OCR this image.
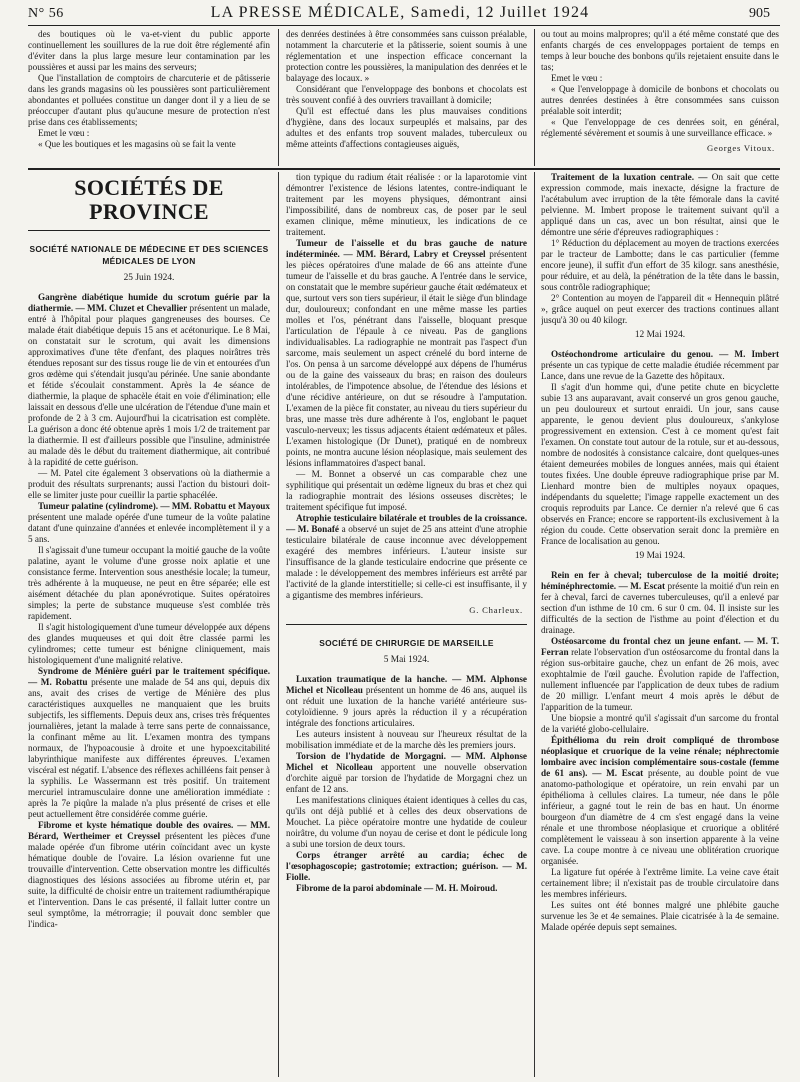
N° 56	LA PRESSE MÉDICALE, Samedi, 12 Juillet 1924	905

des boutiques où le va-et-vient du public apporte continuellement les souillures de la rue doit être réglementé afin d'éviter dans la plus large mesure leur contamination par les poussières et aussi par les mains des serveurs;

Que l'installation de comptoirs de charcuterie et de pâtisserie dans les grands magasins où les poussières sont particulièrement abondantes et polluées constitue un danger dont il y a lieu de se préoccuper d'autant plus qu'aucune mesure de protection n'est prise dans ces établissements;

Emet le vœu :

« Que les boutiques et les magasins où se fait la vente

des denrées destinées à être consommées sans cuisson préalable, notamment la charcuterie et la pâtisserie, soient soumis à une réglementation et une inspection efficace concernant la protection contre les poussières, la manipulation des denrées et le balayage des locaux. »

Considérant que l'enveloppage des bonbons et chocolats est très souvent confié à des ouvriers travaillant à domicile;

Qu'il est effectué dans les plus mauvaises conditions d'hygiène, dans des locaux surpeuplés et malsains, par des adultes et des enfants trop souvent malades, tuberculeux ou même atteints d'affections contagieuses aiguës,

ou tout au moins malpropres; qu'il a été même constaté que des enfants chargés de ces enveloppages portaient de temps en temps à leur bouche des bonbons qu'ils rejetaient ensuite dans le tas;

Emet le vœu :

« Que l'enveloppage à domicile de bonbons et chocolats ou autres denrées destinées à être consommées sans cuisson préalable soit interdit;

« Que l'enveloppage de ces denrées soit, en général, réglementé sévèrement et soumis à une surveillance efficace. »

Georges Vitoux.
SOCIÉTÉS DE PROVINCE
SOCIÉTÉ NATIONALE DE MÉDECINE ET DES SCIENCES MÉDICALES DE LYON
25 Juin 1924.

Gangrène diabétique humide du scrotum guérie par la diathermie. — MM. Cluzet et Chevallier présentent un malade, entré à l'hôpital pour plaques gangreneuses des bourses. Ce malade était diabétique depuis 15 ans et acétonurique. Le 8 Mai, on constatait sur le scrotum, qui avait les dimensions approximatives d'une tête d'enfant, des plaques noirâtres très étendues reposant sur des tissus rouge lie de vin et entourées d'un gros œdème qui s'étendait jusqu'au périnée. Une sanie abondante et fétide s'écoulait constamment. Après la 4e séance de diathermie, la plaque de sphacèle était en voie d'élimination; elle laissait en dessous d'elle une ulcération de l'étendue d'une main et profonde de 2 à 3 cm. Aujourd'hui la cicatrisation est complète. La guérison a donc été obtenue après 1 mois 1/2 de traitement par la diathermie. Il est d'ailleurs possible que l'insuline, administrée au malade dès le début du traitement diathermique, ait contribué à la rapidité de cette guérison.

— M. Patel cite également 3 observations où la diathermie a produit des résultats surprenants; aussi l'action du bistouri doit-elle se limiter juste pour cueillir la partie sphacélée.

Tumeur palatine (cylindrome). — MM. Robattu et Mayoux présentent une malade opérée d'une tumeur de la voûte palatine datant d'une quinzaine d'années et enlevée incomplètement il y a 5 ans.

Il s'agissait d'une tumeur occupant la moitié gauche de la voûte palatine, ayant le volume d'une grosse noix aplatie et une consistance ferme. Intervention sous anesthésie locale; la tumeur, très adhérente à la muqueuse, ne peut en être séparée; elle est aisément détachée du plan aponévrotique. Suites opératoires simples; la perte de substance muqueuse s'est comblée très rapidement.

Il s'agit histologiquement d'une tumeur développée aux dépens des glandes muqueuses et qui doit être classée parmi les cylindromes; cette tumeur est bénigne cliniquement, mais histologiquement d'une malignité relative.

Syndrome de Ménière guéri par le traitement spécifique. — M. Robattu présente une malade de 54 ans qui, depuis dix ans, avait des crises de vertige de Ménière des plus caractéristiques auxquelles ne manquaient que les bruits subjectifs, les sifflements. Depuis deux ans, crises très fréquentes journalières, jetant la malade à terre sans perte de connaissance, la confinant même au lit. L'examen montra des tympans normaux, de l'hypoacousie à droite et une hypoexcitabilité labyrinthique manifeste aux différentes épreuves. L'examen viscéral est négatif. L'absence des réflexes achilléens fait penser à la syphilis. Le Wassermann est très positif. Un traitement mercuriel intramusculaire donne une amélioration immédiate : après la 7e piqûre la malade n'a plus présenté de crises et elle peut actuellement être considérée comme guérie.

Fibrome et kyste hématique double des ovaires. — MM. Bérard, Wertheimer et Creyssel présentent les pièces d'une malade opérée d'un fibrome utérin coïncidant avec un kyste hématique double de l'ovaire. La lésion ovarienne fut une trouvaille d'intervention. Cette observation montre les difficultés diagnostiques des lésions associées au fibrome utérin et, par suite, la difficulté de choisir entre un traitement radiumthérapique et l'intervention. Dans le cas présenté, il fallait lutter contre un seul symptôme, la métrorragie; il pouvait donc sembler que l'indica-

tion typique du radium était réalisée : or la laparotomie vint démontrer l'existence de lésions latentes, contre-indiquant le traitement par les moyens physiques, démontrant ainsi l'impossibilité, dans de nombreux cas, de poser par le seul examen clinique, même minutieux, les indications de ce traitement.

Tumeur de l'aisselle et du bras gauche de nature indéterminée. — MM. Bérard, Labry et Creyssel présentent les pièces opératoires d'une malade de 66 ans atteinte d'une tumeur de l'aisselle et du bras gauche. A l'entrée dans le service, on constatait que le membre supérieur gauche était œdémateux et que, surtout vers son tiers supérieur, il était le siège d'un blindage dur, douloureux; confondant en une même masse les parties molles et l'os, pénétrant dans l'aisselle, bloquant presque l'articulation de l'épaule à ce niveau. Pas de ganglions individualisables. La radiographie ne montrait pas l'aspect d'un sarcome, mais seulement un aspect crénelé du bord interne de l'os. On pensa à un sarcome développé aux dépens de l'humérus ou de la gaine des vaisseaux du bras; en raison des douleurs intolérables, de l'impotence absolue, de l'étendue des lésions et d'une récidive antérieure, on dut se résoudre à l'amputation. L'examen de la pièce fit constater, au niveau du tiers supérieur du bras, une masse très dure adhérente à l'os, englobant le paquet vasculo-nerveux; les tissus adjacents étaient œdémateux et pâles. L'examen histologique (Dr Dunet), pratiqué en de nombreux points, ne montra aucune lésion néoplasique, mais seulement des lésions inflammatoires d'aspect banal.

— M. Bonnet a observé un cas comparable chez une syphilitique qui présentait un œdème ligneux du bras et chez qui la radiographie montrait des lésions osseuses discrètes; le traitement spécifique fut imposé.

Atrophie testiculaire bilatérale et troubles de la croissance. — M. Bonafé a observé un sujet de 25 ans atteint d'une atrophie testiculaire bilatérale de cause inconnue avec développement exagéré des membres inférieurs. L'auteur insiste sur l'insuffisance de la glande testiculaire endocrine que présente ce malade : le développement des membres inférieurs est arrêté par l'activité de la glande interstitielle; si celle-ci est insuffisante, il y a gigantisme des membres inférieurs.

G. Charleux.
SOCIÉTÉ DE CHIRURGIE DE MARSEILLE
5 Mai 1924.

Luxation traumatique de la hanche. — MM. Alphonse Michel et Nicolleau présentent un homme de 46 ans, auquel ils ont réduit une luxation de la hanche variété antérieure sus-cotyloïdienne. 9 jours après la réduction il y a récupération intégrale des fonctions articulaires.

Les auteurs insistent à nouveau sur l'heureux résultat de la mobilisation immédiate et de la marche dès les premiers jours.

Torsion de l'hydatide de Morgagni. — MM. Alphonse Michel et Nicolleau apportent une nouvelle observation d'orchite aiguë par torsion de l'hydatide de Morgagni chez un enfant de 12 ans.

Les manifestations cliniques étaient identiques à celles du cas, qu'ils ont déjà publié et à celles des deux observations de Mouchet. La pièce opératoire montre une hydatide de couleur noirâtre, du volume d'un noyau de cerise et dont le pédicule long a subi une torsion de deux tours.

Corps étranger arrêté au cardia; échec de l'œsophagoscopie; gastrotomie; extraction; guérison. — M. Fiolle.

Fibrome de la paroi abdominale — M. H. Moiroud.

Traitement de la luxation centrale. — On sait que cette expression commode, mais inexacte, désigne la fracture de l'acétabulum avec irruption de la tête fémorale dans la cavité pelvienne. M. Imbert propose le traitement suivant qu'il a appliqué dans un cas, avec un bon résultat, ainsi que le démontre une série d'épreuves radiographiques :

1° Réduction du déplacement au moyen de tractions exercées par le tracteur de Lambotte; dans le cas particulier (femme encore jeune), il suffit d'un effort de 35 kilogr. sans anesthésie, pour réduire, et au delà, la pénétration de la tête dans le bassin, sous contrôle radiographique;

2° Contention au moyen de l'appareil dit « Hennequin plâtré », grâce auquel on peut exercer des tractions continues allant jusqu'à 30 ou 40 kilogr.

12 Mai 1924.

Ostéochondrome articulaire du genou. — M. Imbert présente un cas typique de cette maladie étudiée récemment par Lance, dans une revue de la Gazette des hôpitaux.

Il s'agit d'un homme qui, d'une petite chute en bicyclette subie 13 ans auparavant, avait conservé un gros genou gauche, un peu douloureux et surtout enraidi. Un jour, sans cause apparente, le genou devient plus douloureux, s'ankylose progressivement en extension. C'est à ce moment qu'est fait l'examen. On constate tout autour de la rotule, sur et au-dessous, nombre de nodosités à consistance calcaire, dont quelques-unes étaient demeurées mobiles de longues années, mais qui étaient toutes fixées. Une double épreuve radiographique prise par M. Lienhard montre bien de multiples noyaux opaques, indépendants du squelette; l'image rappelle exactement un des croquis reproduits par Lance. Ce dernier n'a relevé que 6 cas observés en France; encore se rapportent-ils exclusivement à la région du coude. Cette observation serait donc la première en France de localisation au genou.

19 Mai 1924.

Rein en fer à cheval; tuberculose de la moitié droite; héminéphrectomie. — M. Escat présente la moitié d'un rein en fer à cheval, farci de cavernes tuberculeuses, qu'il a enlevé par section d'un isthme de 10 cm. 6 sur 0 cm. 04. Il insiste sur les difficultés de la section de l'isthme au point d'élection et du drainage.

Ostéosarcome du frontal chez un jeune enfant. — M. T. Ferran relate l'observation d'un ostéosarcome du frontal dans la région sus-orbitaire gauche, chez un enfant de 26 mois, avec exophtalmie de l'œil gauche. Évolution rapide de l'affection, nullement influencée par l'application de deux tubes de radium de 20 milligr. L'enfant meurt 4 mois après le début de l'apparition de la tumeur.

Une biopsie a montré qu'il s'agissait d'un sarcome du frontal de la variété globo-cellulaire.

Épithélioma du rein droit compliqué de thrombose néoplasique et cruorique de la veine rénale; néphrectomie lombaire avec incision complémentaire sous-costale (femme de 61 ans). — M. Escat présente, au double point de vue anatomo-pathologique et opératoire, un rein envahi par un épithélioma à cellules claires. La tumeur, née dans le pôle inférieur, a gagné tout le rein de bas en haut. Un énorme bourgeon d'un diamètre de 4 cm s'est engagé dans la veine rénale et une thrombose néoplasique et cruorique a oblitéré complètement le vaisseau à son insertion apparente à la veine cave. La coupe montre à ce niveau une oblitération cruorique organisée.

La ligature fut opérée à l'extrême limite. La veine cave était certainement libre; il n'existait pas de trouble circulatoire dans les membres inférieurs.

Les suites ont été bonnes malgré une phlébite gauche survenue les 3e et 4e semaines. Plaie cicatrisée à la 4e semaine. Malade opérée depuis sept semaines.
